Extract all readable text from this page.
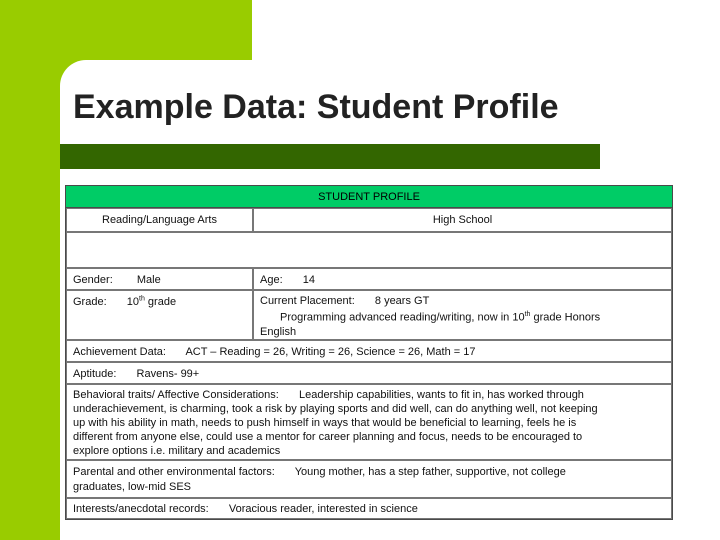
Example Data: Student Profile
STUDENT PROFILE
Reading/Language Arts	High School
Gender: Male	Age: 14
Grade: 10th grade	Current Placement: 8 years GT
Programming advanced reading/writing, now in 10th grade Honors
English
Achievement Data: ACT – Reading = 26, Writing = 26, Science = 26, Math = 17
Aptitude: Ravens- 99+
Behavioral traits/ Affective Considerations: Leadership capabilities, wants to fit in, has worked through
underachievement, is charming, took a risk by playing sports and did well, can do anything well, not keeping
up with his ability in math, needs to push himself in ways that would be beneficial to learning, feels he is
different from anyone else, could use a mentor for career planning and focus, needs to be encouraged to
explore options i.e. military and academics
Parental and other environmental factors: Young mother, has a step father, supportive, not college
graduates, low-mid SES
Interests/anecdotal records: Voracious reader, interested in science
